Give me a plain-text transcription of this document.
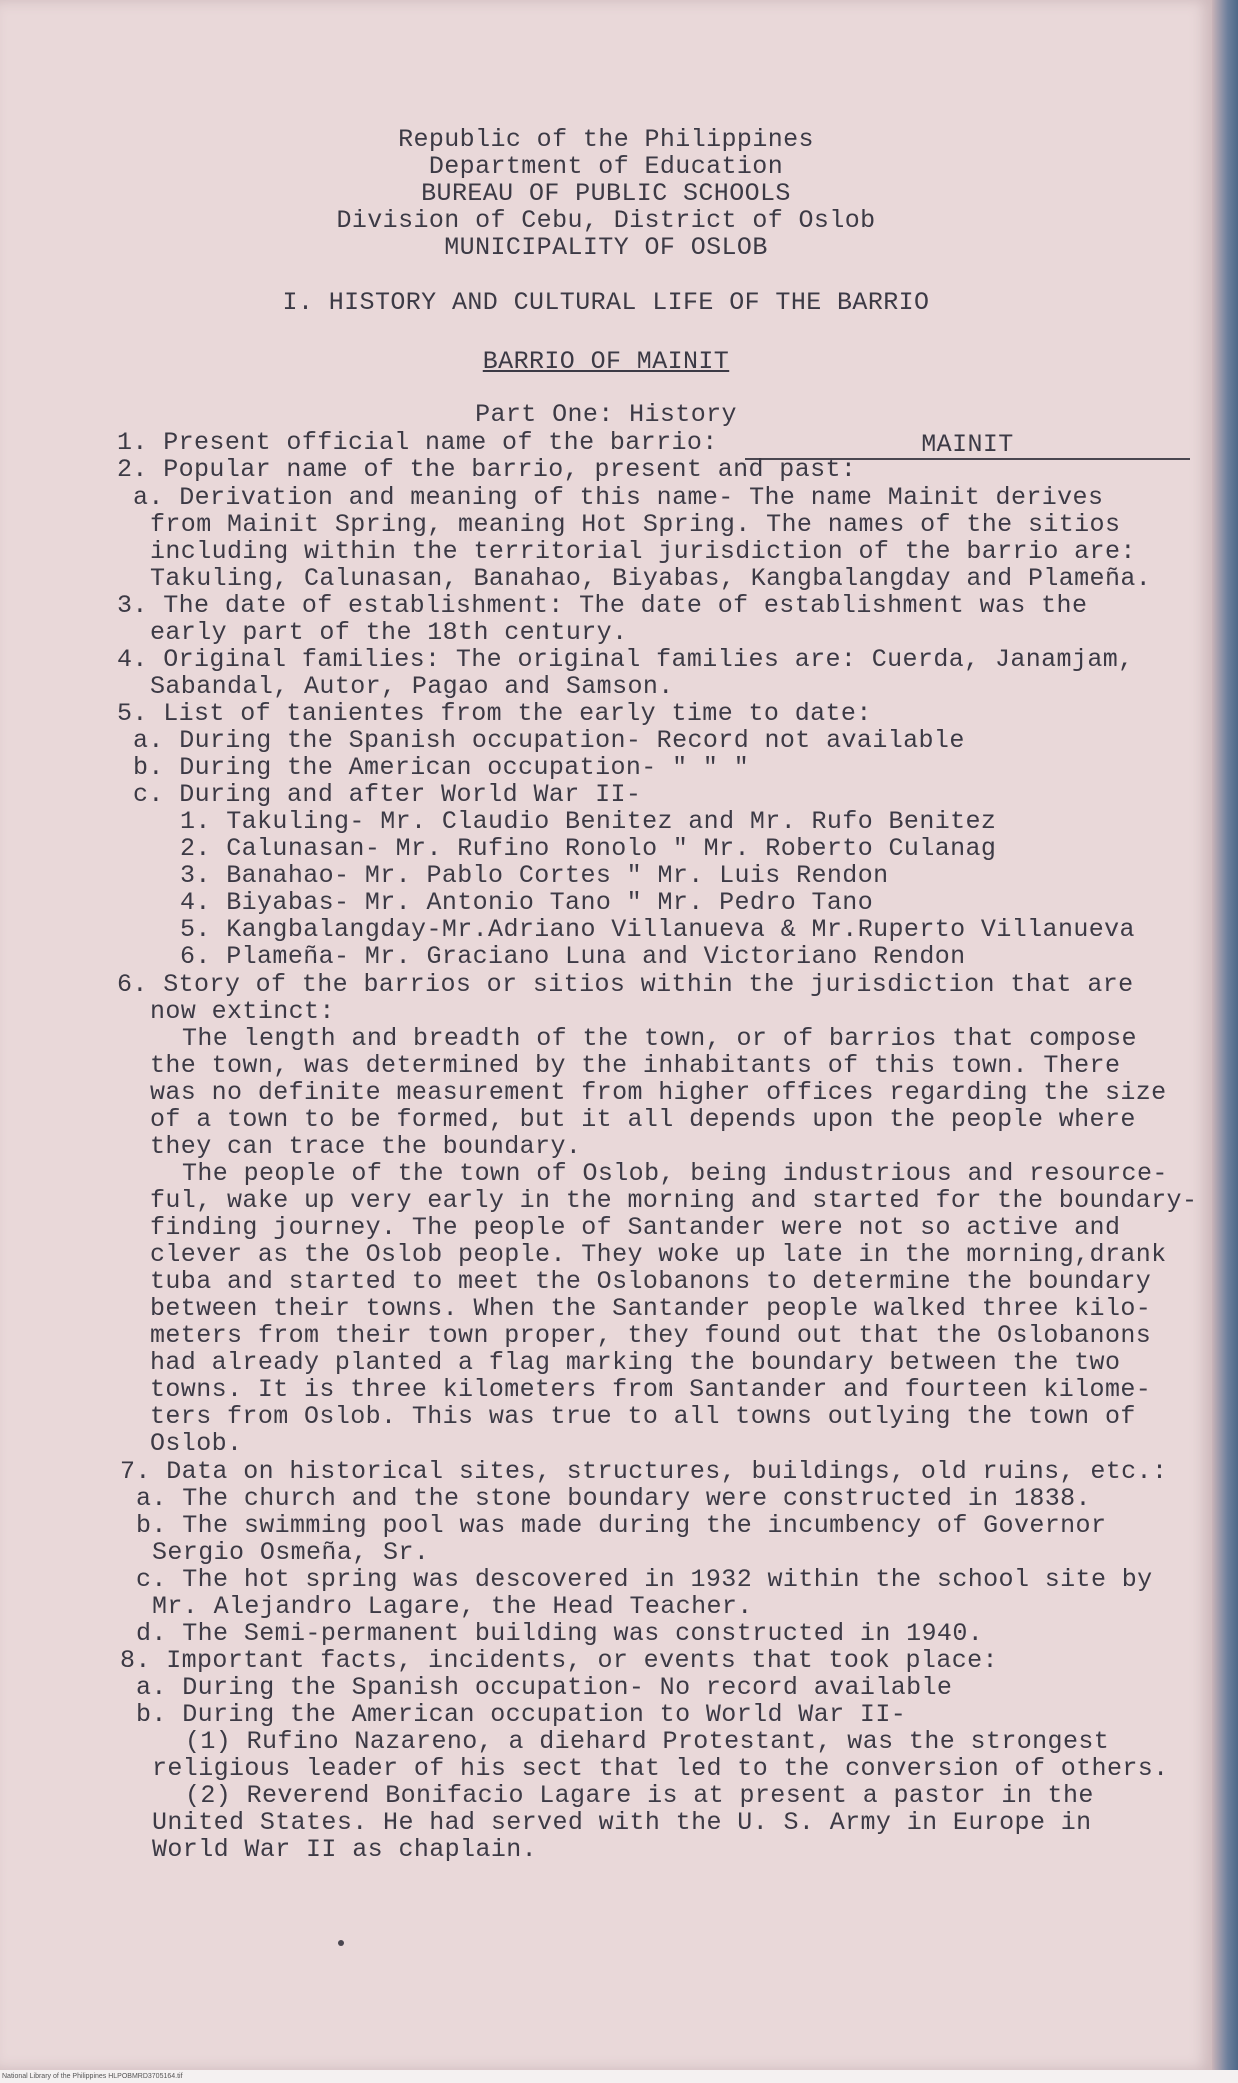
Republic of the Philippines
Department of Education
BUREAU OF PUBLIC SCHOOLS
Division of Cebu, District of Oslob
MUNICIPALITY OF OSLOB
I. HISTORY AND CULTURAL LIFE OF THE BARRIO
BARRIO OF MAINIT
Part One: History
1. Present official name of the barrio:	MAINIT
2. Popular name of the barrio, present and past:
a. Derivation and meaning of this name- The name Mainit derives
from Mainit Spring, meaning Hot Spring. The names of the sitios
including within the territorial jurisdiction of the barrio are:
Takuling, Calunasan, Banahao, Biyabas, Kangbalangday and Plameña.
3. The date of establishment: The date of establishment was the
early part of the 18th century.
4. Original families: The original families are: Cuerda, Janamjam,
Sabandal, Autor, Pagao and Samson.
5. List of tanientes from the early time to date:
a. During the Spanish occupation- Record not available
b. During the American occupation- " " "
c. During and after World War II-
1. Takuling- Mr. Claudio Benitez and Mr. Rufo Benitez
2. Calunasan- Mr. Rufino Ronolo " Mr. Roberto Culanag
3. Banahao- Mr. Pablo Cortes " Mr. Luis Rendon
4. Biyabas- Mr. Antonio Tano " Mr. Pedro Tano
5. Kangbalangday-Mr.Adriano Villanueva & Mr.Ruperto Villanueva
6. Plameña- Mr. Graciano Luna and Victoriano Rendon
6. Story of the barrios or sitios within the jurisdiction that are
now extinct:
The length and breadth of the town, or of barrios that compose
the town, was determined by the inhabitants of this town. There
was no definite measurement from higher offices regarding the size
of a town to be formed, but it all depends upon the people where
they can trace the boundary.
The people of the town of Oslob, being industrious and resource-
ful, wake up very early in the morning and started for the boundary-
finding journey. The people of Santander were not so active and
clever as the Oslob people. They woke up late in the morning,drank
tuba and started to meet the Oslobanons to determine the boundary
between their towns. When the Santander people walked three kilo-
meters from their town proper, they found out that the Oslobanons
had already planted a flag marking the boundary between the two
towns. It is three kilometers from Santander and fourteen kilome-
ters from Oslob. This was true to all towns outlying the town of
Oslob.
7. Data on historical sites, structures, buildings, old ruins, etc.:
a. The church and the stone boundary were constructed in 1838.
b. The swimming pool was made during the incumbency of Governor
Sergio Osmeña, Sr.
c. The hot spring was descovered in 1932 within the school site by
Mr. Alejandro Lagare, the Head Teacher.
d. The Semi-permanent building was constructed in 1940.
8. Important facts, incidents, or events that took place:
a. During the Spanish occupation- No record available
b. During the American occupation to World War II-
(1) Rufino Nazareno, a diehard Protestant, was the strongest
religious leader of his sect that led to the conversion of others.
(2) Reverend Bonifacio Lagare is at present a pastor in the
United States. He had served with the U. S. Army in Europe in
World War II as chaplain.
National Library of the Philippines HLPOBMRD3705164.tif
